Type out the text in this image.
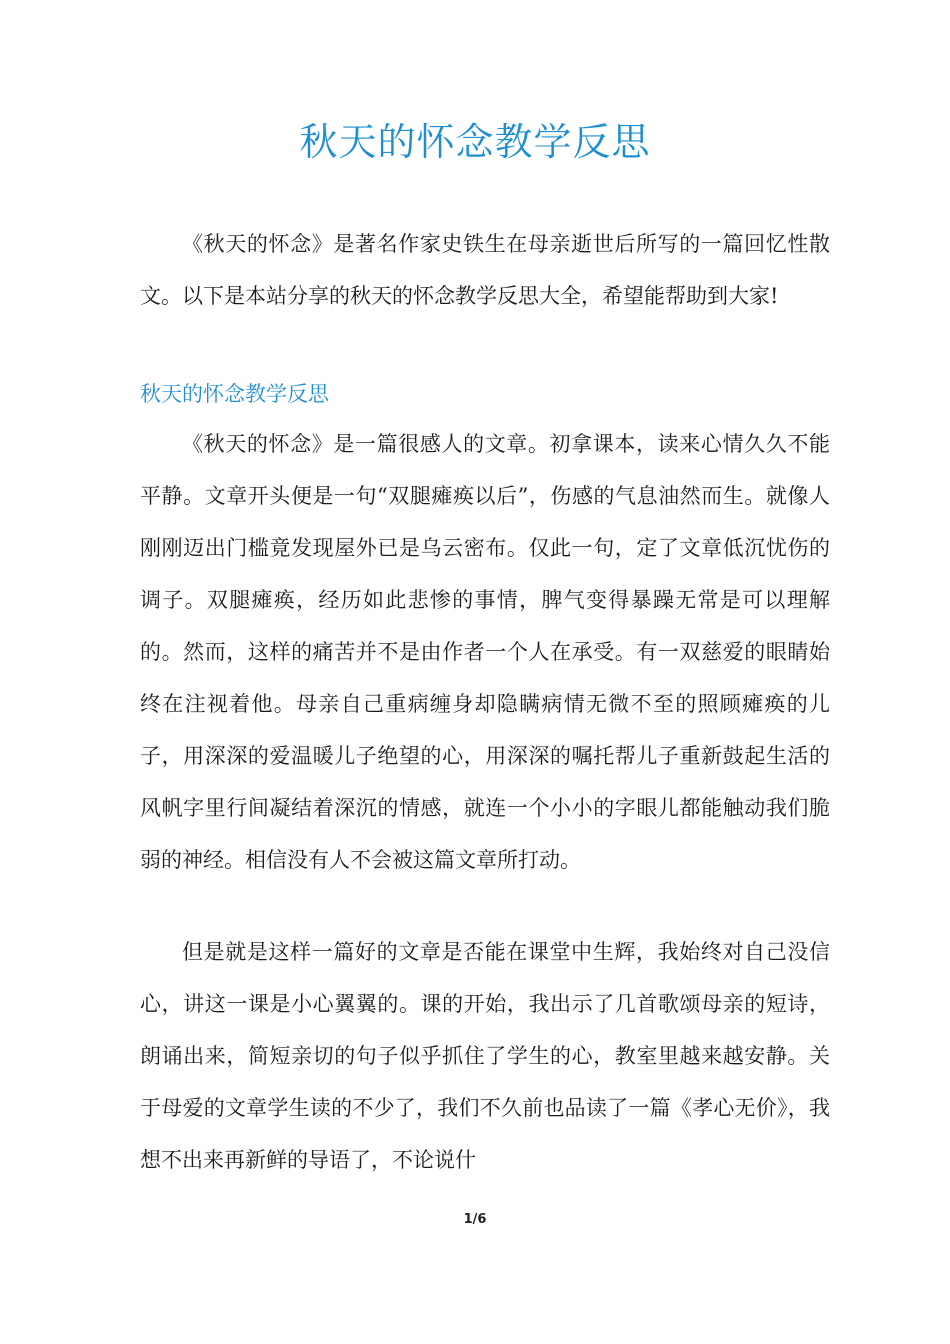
秋天的怀念教学反思

《秋天的怀念》是著名作家史铁生在母亲逝世后所写的一篇回忆性散文。以下是本站分享的秋天的怀念教学反思大全，希望能帮助到大家!

秋天的怀念教学反思

《秋天的怀念》是一篇很感人的文章。初拿课本，读来心情久久不能平静。文章开头便是一句“双腿瘫痪以后”，伤感的气息油然而生。就像人刚刚迈出门槛竟发现屋外已是乌云密布。仅此一句，定了文章低沉忧伤的调子。双腿瘫痪，经历如此悲惨的事情，脾气变得暴躁无常是可以理解的。然而，这样的痛苦并不是由作者一个人在承受。有一双慈爱的眼睛始终在注视着他。母亲自己重病缠身却隐瞒病情无微不至的照顾瘫痪的儿子，用深深的爱温暖儿子绝望的心，用深深的嘱托帮儿子重新鼓起生活的风帆字里行间凝结着深沉的情感，就连一个小小的字眼儿都能触动我们脆弱的神经。相信没有人不会被这篇文章所打动。

但是就是这样一篇好的文章是否能在课堂中生辉，我始终对自己没信心，讲这一课是小心翼翼的。课的开始，我出示了几首歌颂母亲的短诗，朗诵出来，简短亲切的句子似乎抓住了学生的心，教室里越来越安静。关于母爱的文章学生读的不少了，我们不久前也品读了一篇《孝心无价》，我想不出来再新鲜的导语了，不论说什

1/6
